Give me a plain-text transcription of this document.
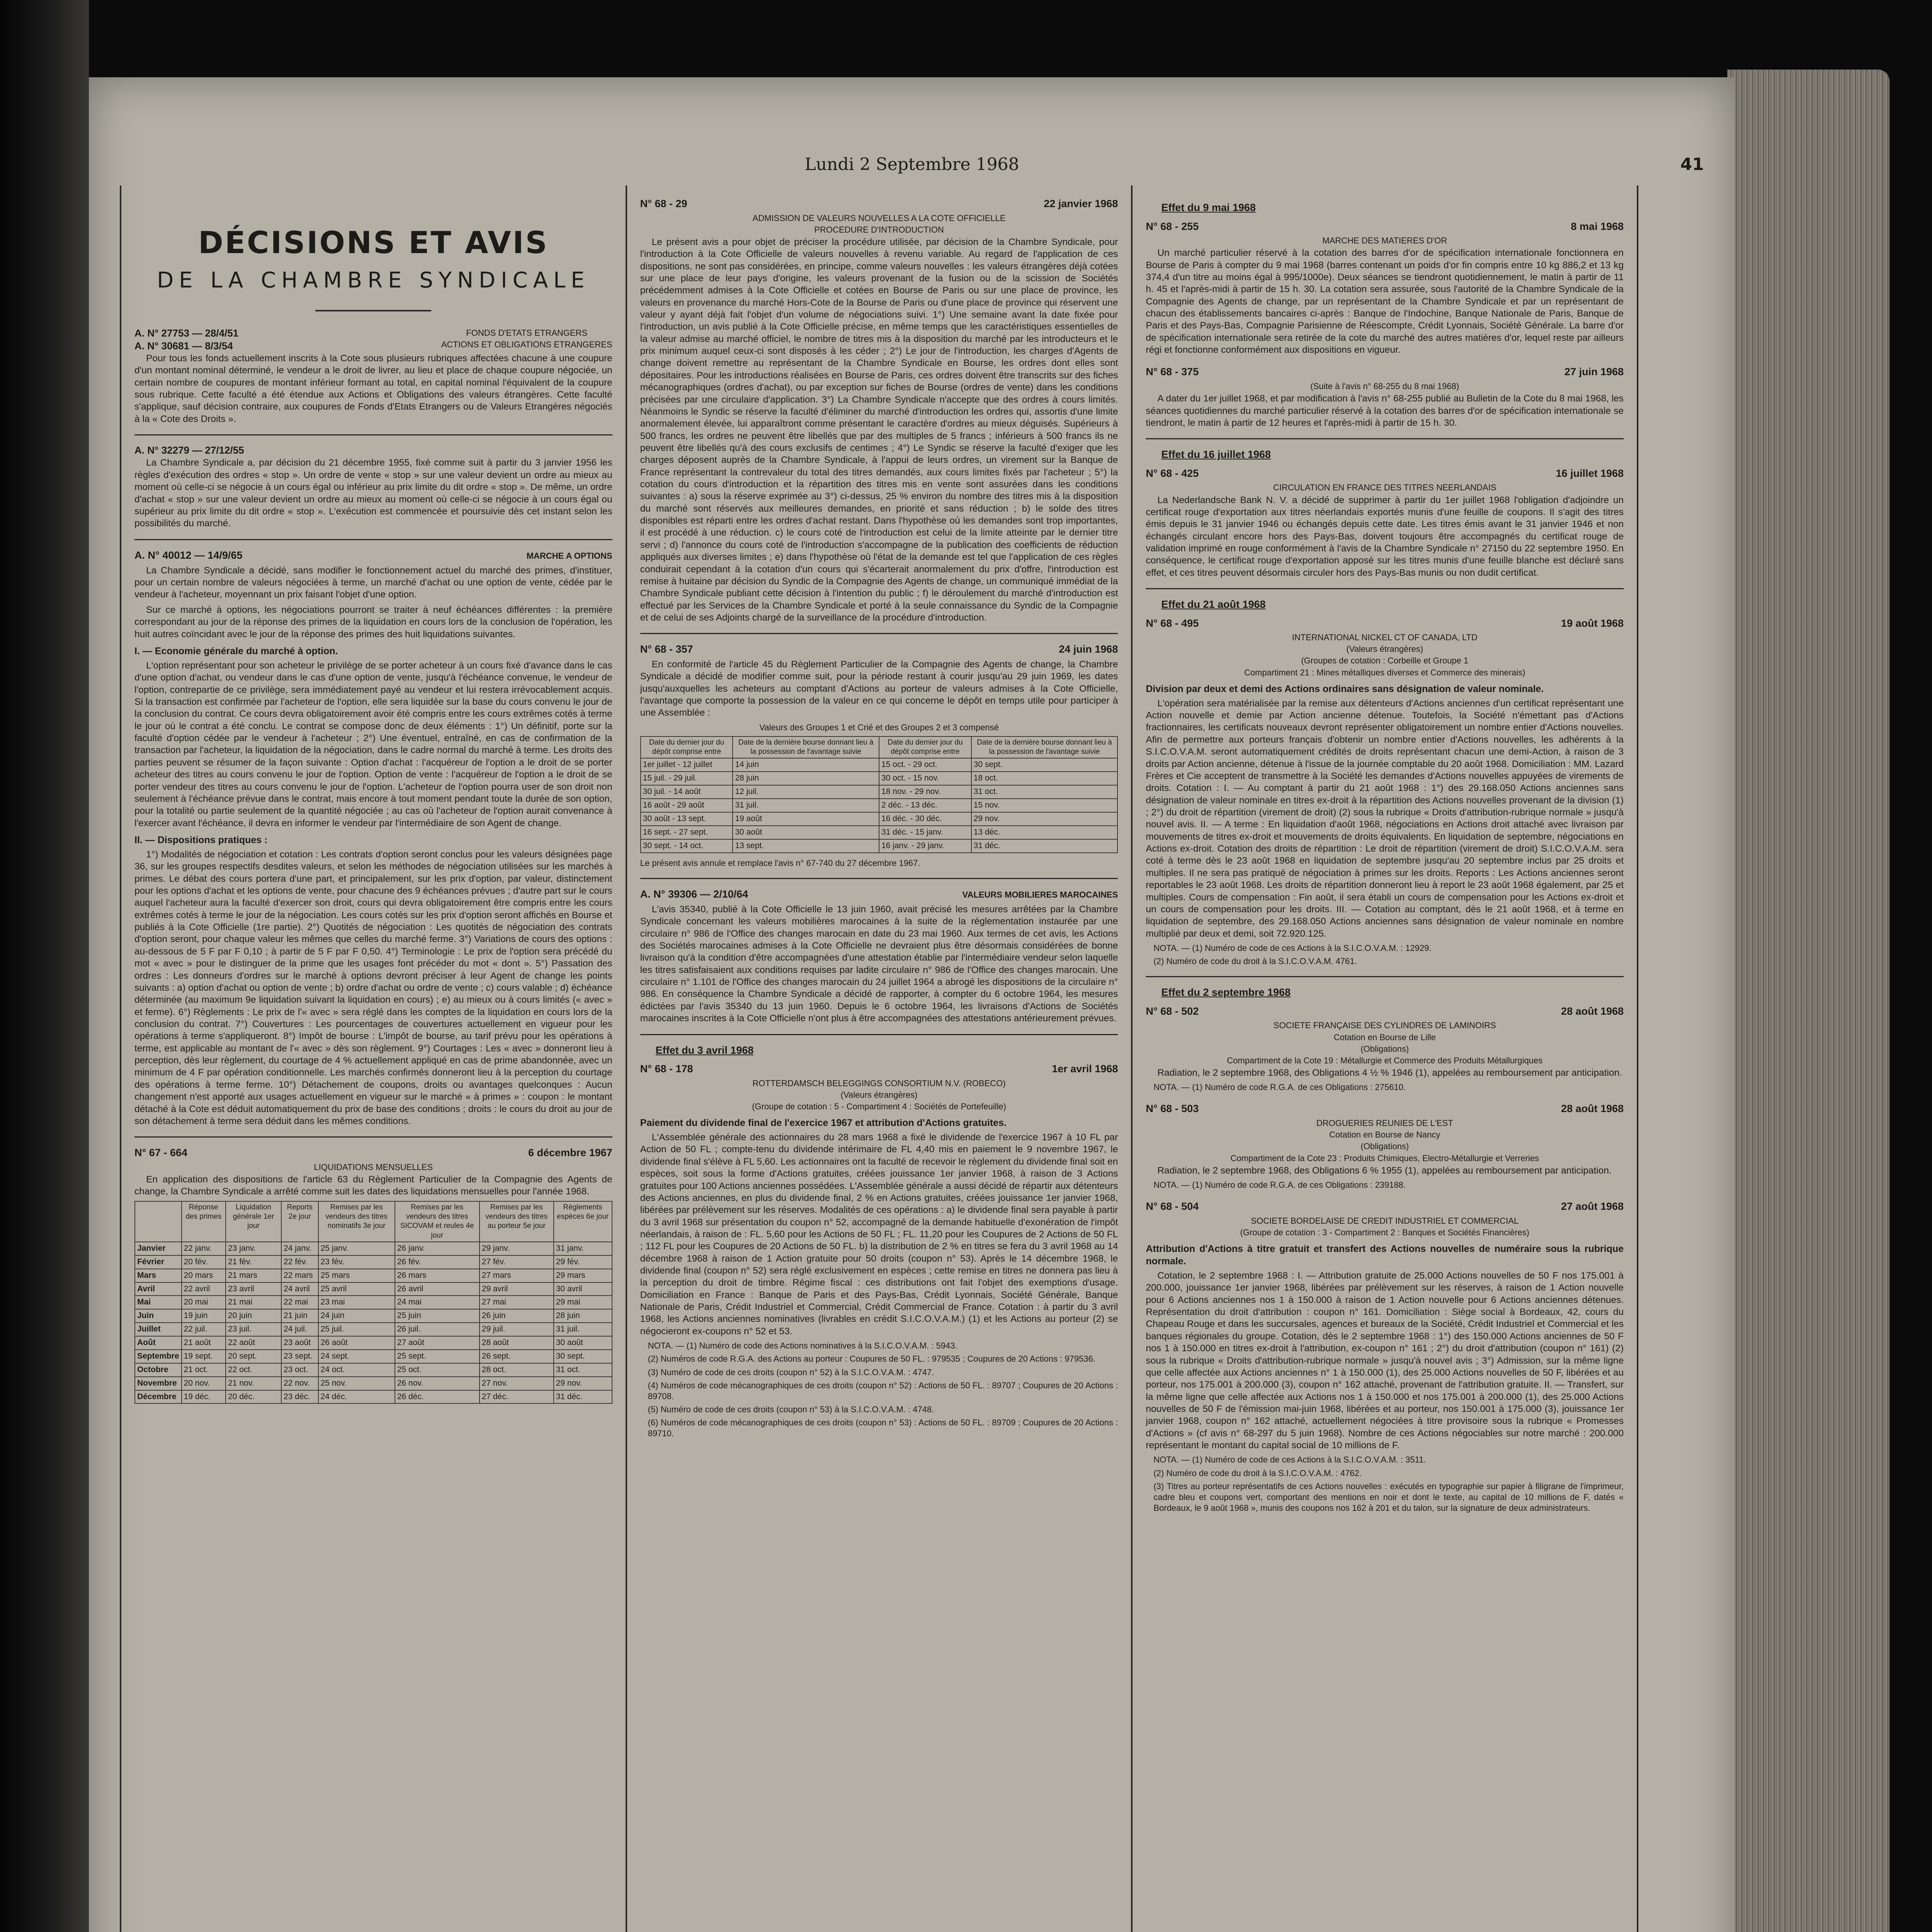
Lundi 2 Septembre 1968	41
DÉCISIONS ET AVIS
DE LA CHAMBRE SYNDICALE
A. N° 27753 — 28/4/51
A. N° 30681 — 8/3/54
FONDS D'ETATS ETRANGERS
ACTIONS ET OBLIGATIONS ETRANGERES

Pour tous les fonds actuellement inscrits à la Cote sous plusieurs rubriques affectées chacune à une coupure d'un montant nominal déterminé, le vendeur a le droit de livrer, au lieu et place de chaque coupure négociée, un certain nombre de coupures de montant inférieur formant au total, en capital nominal l'équivalent de la coupure sous rubrique. Cette faculté a été étendue aux Actions et Obligations des valeurs étrangères. Cette faculté s'applique, sauf décision contraire, aux coupures de Fonds d'Etats Etrangers ou de Valeurs Etrangères négociés à la « Cote des Droits ».

A. N° 32279 — 27/12/55

La Chambre Syndicale a, par décision du 21 décembre 1955, fixé comme suit à partir du 3 janvier 1956 les règles d'exécution des ordres « stop ». Un ordre de vente « stop » sur une valeur devient un ordre au mieux au moment où celle-ci se négocie à un cours égal ou inférieur au prix limite du dit ordre « stop ». De même, un ordre d'achat « stop » sur une valeur devient un ordre au mieux au moment où celle-ci se négocie à un cours égal ou supérieur au prix limite du dit ordre « stop ». L'exécution est commencée et poursuivie dès cet instant selon les possibilités du marché.

A. N° 40012 — 14/9/65	MARCHE A OPTIONS

La Chambre Syndicale a décidé, sans modifier le fonctionnement actuel du marché des primes, d'instituer, pour un certain nombre de valeurs négociées à terme, un marché d'achat ou une option de vente, cédée par le vendeur à l'acheteur, moyennant un prix faisant l'objet d'une option.

Sur ce marché à options, les négociations pourront se traiter à neuf échéances différentes : la première correspondant au jour de la réponse des primes de la liquidation en cours lors de la conclusion de l'opération, les huit autres coïncidant avec le jour de la réponse des primes des huit liquidations suivantes.

I. — Economie générale du marché à option.

L'option représentant pour son acheteur le privilège de se porter acheteur à un cours fixé d'avance dans le cas d'une option d'achat, ou vendeur dans le cas d'une option de vente, jusqu'à l'échéance convenue, le vendeur de l'option, contrepartie de ce privilège, sera immédiatement payé au vendeur et lui restera irrévocablement acquis. Si la transaction est confirmée par l'acheteur de l'option, elle sera liquidée sur la base du cours convenu le jour de la conclusion du contrat. Ce cours devra obligatoirement avoir été compris entre les cours extrêmes cotés à terme le jour où le contrat a été conclu. Le contrat se compose donc de deux éléments : 1°) Un définitif, porte sur la faculté d'option cédée par le vendeur à l'acheteur ; 2°) Une éventuel, entraîné, en cas de confirmation de la transaction par l'acheteur, la liquidation de la négociation, dans le cadre normal du marché à terme. Les droits des parties peuvent se résumer de la façon suivante : Option d'achat : l'acquéreur de l'option a le droit de se porter acheteur des titres au cours convenu le jour de l'option. Option de vente : l'acquéreur de l'option a le droit de se porter vendeur des titres au cours convenu le jour de l'option. L'acheteur de l'option pourra user de son droit non seulement à l'échéance prévue dans le contrat, mais encore à tout moment pendant toute la durée de son option, pour la totalité ou partie seulement de la quantité négociée ; au cas où l'acheteur de l'option aurait convenance à l'exercer avant l'échéance, il devra en informer le vendeur par l'intermédiaire de son Agent de change.

II. — Dispositions pratiques :

1°) Modalités de négociation et cotation : Les contrats d'option seront conclus pour les valeurs désignées page 36, sur les groupes respectifs desdites valeurs, et selon les méthodes de négociation utilisées sur les marchés à primes. Le débat des cours portera d'une part, et principalement, sur les prix d'option, par valeur, distinctement pour les options d'achat et les options de vente, pour chacune des 9 échéances prévues ; d'autre part sur le cours auquel l'acheteur aura la faculté d'exercer son droit, cours qui devra obligatoirement être compris entre les cours extrêmes cotés à terme le jour de la négociation. Les cours cotés sur les prix d'option seront affichés en Bourse et publiés à la Cote Officielle (1re partie). 2°) Quotités de négociation : Les quotités de négociation des contrats d'option seront, pour chaque valeur les mêmes que celles du marché ferme. 3°) Variations de cours des options : au-dessous de 5 F par F 0,10 ; à partir de 5 F par F 0,50. 4°) Terminologie : Le prix de l'option sera précédé du mot « avec » pour le distinguer de la prime que les usages font précéder du mot « dont ». 5°) Passation des ordres : Les donneurs d'ordres sur le marché à options devront préciser à leur Agent de change les points suivants : a) option d'achat ou option de vente ; b) ordre d'achat ou ordre de vente ; c) cours valable ; d) échéance déterminée (au maximum 9e liquidation suivant la liquidation en cours) ; e) au mieux ou à cours limités (« avec » et ferme). 6°) Règlements : Le prix de l'« avec » sera réglé dans les comptes de la liquidation en cours lors de la conclusion du contrat. 7°) Couvertures : Les pourcentages de couvertures actuellement en vigueur pour les opérations à terme s'appliqueront. 8°) Impôt de bourse : L'impôt de bourse, au tarif prévu pour les opérations à terme, est applicable au montant de l'« avec » dès son règlement. 9°) Courtages : Les « avec » donneront lieu à perception, dès leur règlement, du courtage de 4 % actuellement appliqué en cas de prime abandonnée, avec un minimum de 4 F par opération conditionnelle. Les marchés confirmés donneront lieu à la perception du courtage des opérations à terme ferme. 10°) Détachement de coupons, droits ou avantages quelconques : Aucun changement n'est apporté aux usages actuellement en vigueur sur le marché « à primes » : coupon : le montant détaché à la Cote est déduit automatiquement du prix de base des conditions ; droits : le cours du droit au jour de son détachement à terme sera déduit dans les mêmes conditions.

N° 67 - 664	6 décembre 1967
LIQUIDATIONS MENSUELLES

En application des dispositions de l'article 63 du Règlement Particulier de la Compagnie des Agents de change, la Chambre Syndicale a arrêté comme suit les dates des liquidations mensuelles pour l'année 1968.

	Réponse des primes	Liquidation générale 1er jour	Reports 2e jour	Remises par les vendeurs des titres nominatifs 3e jour	Remises par les vendeurs des titres SICOVAM et reules 4e jour	Remises par les vendeurs des titres au porteur 5e jour	Règlements espèces 6e jour
Janvier	22 janv.	23 janv.	24 janv.	25 janv.	26 janv.	29 janv.	31 janv.
Février	20 fév.	21 fév.	22 fév.	23 fév.	26 fév.	27 fév.	29 fév.
Mars	20 mars	21 mars	22 mars	25 mars	26 mars	27 mars	29 mars
Avril	22 avril	23 avril	24 avril	25 avril	26 avril	29 avril	30 avril
Mai	20 mai	21 mai	22 mai	23 mai	24 mai	27 mai	29 mai
Juin	19 juin	20 juin	21 juin	24 juin	25 juin	26 juin	28 juin
Juillet	22 juil.	23 juil.	24 juil.	25 juil.	26 juil.	29 juil.	31 juil.
Août	21 août	22 août	23 août	26 août	27 août	28 août	30 août
Septembre	19 sept.	20 sept.	23 sept.	24 sept.	25 sept.	26 sept.	30 sept.
Octobre	21 oct.	22 oct.	23 oct.	24 oct.	25 oct.	28 oct.	31 oct.
Novembre	20 nov.	21 nov.	22 nov.	25 nov.	26 nov.	27 nov.	29 nov.
Décembre	19 déc.	20 déc.	23 déc.	24 déc.	26 déc.	27 déc.	31 déc.
N° 68 - 29	22 janvier 1968
ADMISSION DE VALEURS NOUVELLES A LA COTE OFFICIELLE
PROCEDURE D'INTRODUCTION

Le présent avis a pour objet de préciser la procédure utilisée, par décision de la Chambre Syndicale, pour l'introduction à la Cote Officielle de valeurs nouvelles à revenu variable. Au regard de l'application de ces dispositions, ne sont pas considérées, en principe, comme valeurs nouvelles : les valeurs étrangères déjà cotées sur une place de leur pays d'origine, les valeurs provenant de la fusion ou de la scission de Sociétés précédemment admises à la Cote Officielle et cotées en Bourse de Paris ou sur une place de province, les valeurs en provenance du marché Hors-Cote de la Bourse de Paris ou d'une place de province qui réservent une valeur y ayant déjà fait l'objet d'un volume de négociations suivi. 1°) Une semaine avant la date fixée pour l'introduction, un avis publié à la Cote Officielle précise, en même temps que les caractéristiques essentielles de la valeur admise au marché officiel, le nombre de titres mis à la disposition du marché par les introducteurs et le prix minimum auquel ceux-ci sont disposés à les céder ; 2°) Le jour de l'introduction, les charges d'Agents de change doivent remettre au représentant de la Chambre Syndicale en Bourse, les ordres dont elles sont dépositaires. Pour les introductions réalisées en Bourse de Paris, ces ordres doivent être transcrits sur des fiches mécanographiques (ordres d'achat), ou par exception sur fiches de Bourse (ordres de vente) dans les conditions précisées par une circulaire d'application. 3°) La Chambre Syndicale n'accepte que des ordres à cours limités. Néanmoins le Syndic se réserve la faculté d'éliminer du marché d'introduction les ordres qui, assortis d'une limite anormalement élevée, lui apparaîtront comme présentant le caractère d'ordres au mieux déguisés. Supérieurs à 500 francs, les ordres ne peuvent être libellés que par des multiples de 5 francs ; inférieurs à 500 francs ils ne peuvent être libellés qu'à des cours exclusifs de centimes ; 4°) Le Syndic se réserve la faculté d'exiger que les charges déposent auprès de la Chambre Syndicale, à l'appui de leurs ordres, un virement sur la Banque de France représentant la contrevaleur du total des titres demandés, aux cours limites fixés par l'acheteur ; 5°) la cotation du cours d'introduction et la répartition des titres mis en vente sont assurées dans les conditions suivantes : a) sous la réserve exprimée au 3°) ci-dessus, 25 % environ du nombre des titres mis à la disposition du marché sont réservés aux meilleures demandes, en priorité et sans réduction ; b) le solde des titres disponibles est réparti entre les ordres d'achat restant. Dans l'hypothèse où les demandes sont trop importantes, il est procédé à une réduction. c) le cours coté de l'introduction est celui de la limite atteinte par le dernier titre servi ; d) l'annonce du cours coté de l'introduction s'accompagne de la publication des coefficients de réduction appliqués aux diverses limites ; e) dans l'hypothèse où l'état de la demande est tel que l'application de ces règles conduirait cependant à la cotation d'un cours qui s'écarterait anormalement du prix d'offre, l'introduction est remise à huitaine par décision du Syndic de la Compagnie des Agents de change, un communiqué immédiat de la Chambre Syndicale publiant cette décision à l'intention du public ; f) le déroulement du marché d'introduction est effectué par les Services de la Chambre Syndicale et porté à la seule connaissance du Syndic de la Compagnie et de celui de ses Adjoints chargé de la surveillance de la procédure d'introduction.

N° 68 - 357	24 juin 1968

En conformité de l'article 45 du Règlement Particulier de la Compagnie des Agents de change, la Chambre Syndicale a décidé de modifier comme suit, pour la période restant à courir jusqu'au 29 juin 1969, les dates jusqu'auxquelles les acheteurs au comptant d'Actions au porteur de valeurs admises à la Cote Officielle, l'avantage que comporte la possession de la valeur en ce qui concerne le dépôt en temps utile pour participer à une Assemblée :

Valeurs des Groupes 1 et Crié et des Groupes 2 et 3 compensé
Date du dernier jour du dépôt comprise entre	Date de la dernière bourse donnant lieu à la possession de l'avantage suivie	Date du dernier jour du dépôt comprise entre	Date de la dernière bourse donnant lieu à la possession de l'avantage suivie
1er juillet - 12 juillet	14 juin	15 oct. - 29 oct.	30 sept.
15 juil. - 29 juil.	28 juin	30 oct. - 15 nov.	18 oct.
30 juil. - 14 août	12 juil.	18 nov. - 29 nov.	31 oct.
16 août - 29 août	31 juil.	2 déc. - 13 déc.	15 nov.
30 août - 13 sept.	19 août	16 déc. - 30 déc.	29 nov.
16 sept. - 27 sept.	30 août	31 déc. - 15 janv.	13 déc.
30 sept. - 14 oct.	13 sept.	16 janv. - 29 janv.	31 déc.
Le présent avis annule et remplace l'avis n° 67-740 du 27 décembre 1967.
A. N° 39306 — 2/10/64	VALEURS MOBILIERES MAROCAINES

L'avis 35340, publié à la Cote Officielle le 13 juin 1960, avait précisé les mesures arrêtées par la Chambre Syndicale concernant les valeurs mobilières marocaines à la suite de la réglementation instaurée par une circulaire n° 986 de l'Office des changes marocain en date du 23 mai 1960. Aux termes de cet avis, les Actions des Sociétés marocaines admises à la Cote Officielle ne devraient plus être désormais considérées de bonne livraison qu'à la condition d'être accompagnées d'une attestation établie par l'intermédiaire vendeur selon laquelle les titres satisfaisaient aux conditions requises par ladite circulaire n° 986 de l'Office des changes marocain. Une circulaire n° 1.101 de l'Office des changes marocain du 24 juillet 1964 a abrogé les dispositions de la circulaire n° 986. En conséquence la Chambre Syndicale a décidé de rapporter, à compter du 6 octobre 1964, les mesures édictées par l'avis 35340 du 13 juin 1960. Depuis le 6 octobre 1964, les livraisons d'Actions de Sociétés marocaines inscrites à la Cote Officielle n'ont plus à être accompagnées des attestations antérieurement prévues.

Effet du 3 avril 1968
N° 68 - 178	1er avril 1968
ROTTERDAMSCH BELEGGINGS CONSORTIUM N.V. (ROBECO)
(Valeurs étrangères)
(Groupe de cotation : 5 - Compartiment 4 : Sociétés de Portefeuille)
Paiement du dividende final de l'exercice 1967 et attribution d'Actions gratuites.

L'Assemblée générale des actionnaires du 28 mars 1968 a fixé le dividende de l'exercice 1967 à 10 FL par Action de 50 FL ; compte-tenu du dividende intérimaire de FL 4,40 mis en paiement le 9 novembre 1967, le dividende final s'élève à FL 5,60. Les actionnaires ont la faculté de recevoir le règlement du dividende final soit en espèces, soit sous la forme d'Actions gratuites, créées jouissance 1er janvier 1968, à raison de 3 Actions gratuites pour 100 Actions anciennes possédées. L'Assemblée générale a aussi décidé de répartir aux détenteurs des Actions anciennes, en plus du dividende final, 2 % en Actions gratuites, créées jouissance 1er janvier 1968, libérées par prélèvement sur les réserves. Modalités de ces opérations : a) le dividende final sera payable à partir du 3 avril 1968 sur présentation du coupon n° 52, accompagné de la demande habituelle d'exonération de l'impôt néerlandais, à raison de : FL. 5,60 pour les Actions de 50 FL ; FL. 11,20 pour les Coupures de 2 Actions de 50 FL ; 112 FL pour les Coupures de 20 Actions de 50 FL. b) la distribution de 2 % en titres se fera du 3 avril 1968 au 14 décembre 1968 à raison de 1 Action gratuite pour 50 droits (coupon n° 53). Après le 14 décembre 1968, le dividende final (coupon n° 52) sera réglé exclusivement en espèces ; cette remise en titres ne donnera pas lieu à la perception du droit de timbre. Régime fiscal : ces distributions ont fait l'objet des exemptions d'usage. Domiciliation en France : Banque de Paris et des Pays-Bas, Crédit Lyonnais, Société Générale, Banque Nationale de Paris, Crédit Industriel et Commercial, Crédit Commercial de France. Cotation : à partir du 3 avril 1968, les Actions anciennes nominatives (livrables en crédit S.I.C.O.V.A.M.) (1) et les Actions au porteur (2) se négocieront ex-coupons n° 52 et 53.

NOTA. — (1) Numéro de code des Actions nominatives à la S.I.C.O.V.A.M. : 5943.
(2) Numéros de code R.G.A. des Actions au porteur : Coupures de 50 FL. : 979535 ; Coupures de 20 Actions : 979536.
(3) Numéro de code de ces droits (coupon n° 52) à la S.I.C.O.V.A.M. : 4747.
(4) Numéros de code mécanographiques de ces droits (coupon n° 52) : Actions de 50 FL. : 89707 ; Coupures de 20 Actions : 89708.
(5) Numéro de code de ces droits (coupon n° 53) à la S.I.C.O.V.A.M. : 4748.
(6) Numéros de code mécanographiques de ces droits (coupon n° 53) : Actions de 50 FL. : 89709 ; Coupures de 20 Actions : 89710.
Effet du 9 mai 1968
N° 68 - 255	8 mai 1968
MARCHE DES MATIERES D'OR

Un marché particulier réservé à la cotation des barres d'or de spécification internationale fonctionnera en Bourse de Paris à compter du 9 mai 1968 (barres contenant un poids d'or fin compris entre 10 kg 886,2 et 13 kg 374,4 d'un titre au moins égal à 995/1000e). Deux séances se tiendront quotidiennement, le matin à partir de 11 h. 45 et l'après-midi à partir de 15 h. 30. La cotation sera assurée, sous l'autorité de la Chambre Syndicale de la Compagnie des Agents de change, par un représentant de la Chambre Syndicale et par un représentant de chacun des établissements bancaires ci-après : Banque de l'Indochine, Banque Nationale de Paris, Banque de Paris et des Pays-Bas, Compagnie Parisienne de Réescompte, Crédit Lyonnais, Société Générale. La barre d'or de spécification internationale sera retirée de la cote du marché des autres matières d'or, lequel reste par ailleurs régi et fonctionne conformément aux dispositions en vigueur.

N° 68 - 375	27 juin 1968
(Suite à l'avis n° 68-255 du 8 mai 1968)

A dater du 1er juillet 1968, et par modification à l'avis n° 68-255 publié au Bulletin de la Cote du 8 mai 1968, les séances quotidiennes du marché particulier réservé à la cotation des barres d'or de spécification internationale se tiendront, le matin à partir de 12 heures et l'après-midi à partir de 15 h. 30.

Effet du 16 juillet 1968
N° 68 - 425	16 juillet 1968
CIRCULATION EN FRANCE DES TITRES NEERLANDAIS

La Nederlandsche Bank N. V. a décidé de supprimer à partir du 1er juillet 1968 l'obligation d'adjoindre un certificat rouge d'exportation aux titres néerlandais exportés munis d'une feuille de coupons. Il s'agit des titres émis depuis le 31 janvier 1946 ou échangés depuis cette date. Les titres émis avant le 31 janvier 1946 et non échangés circulant encore hors des Pays-Bas, doivent toujours être accompagnés du certificat rouge de validation imprimé en rouge conformément à l'avis de la Chambre Syndicale n° 27150 du 22 septembre 1950. En conséquence, le certificat rouge d'exportation apposé sur les titres munis d'une feuille blanche est déclaré sans effet, et ces titres peuvent désormais circuler hors des Pays-Bas munis ou non dudit certificat.

Effet du 21 août 1968
N° 68 - 495	19 août 1968
INTERNATIONAL NICKEL CT OF CANADA, LTD
(Valeurs étrangères)
(Groupes de cotation : Corbeille et Groupe 1
Compartiment 21 : Mines métalliques diverses et Commerce des minerais)
Division par deux et demi des Actions ordinaires sans désignation de valeur nominale.

L'opération sera matérialisée par la remise aux détenteurs d'Actions anciennes d'un certificat représentant une Action nouvelle et demie par Action ancienne détenue. Toutefois, la Société n'émettant pas d'Actions fractionnaires, les certificats nouveaux devront représenter obligatoirement un nombre entier d'Actions nouvelles. Afin de permettre aux porteurs français d'obtenir un nombre entier d'Actions nouvelles, les adhérents à la S.I.C.O.V.A.M. seront automatiquement crédités de droits représentant chacun une demi-Action, à raison de 3 droits par Action ancienne, détenue à l'issue de la journée comptable du 20 août 1968. Domiciliation : MM. Lazard Frères et Cie acceptent de transmettre à la Société les demandes d'Actions nouvelles appuyées de virements de droits. Cotation : I. — Au comptant à partir du 21 août 1968 : 1°) des 29.168.050 Actions anciennes sans désignation de valeur nominale en titres ex-droit à la répartition des Actions nouvelles provenant de la division (1) ; 2°) du droit de répartition (virement de droit) (2) sous la rubrique « Droits d'attribution-rubrique normale » jusqu'à nouvel avis. II. — A terme : En liquidation d'août 1968, négociations en Actions droit attaché avec livraison par mouvements de titres ex-droit et mouvements de droits équivalents. En liquidation de septembre, négociations en Actions ex-droit. Cotation des droits de répartition : Le droit de répartition (virement de droit) S.I.C.O.V.A.M. sera coté à terme dès le 23 août 1968 en liquidation de septembre jusqu'au 20 septembre inclus par 25 droits et multiples. Il ne sera pas pratiqué de négociation à primes sur les droits. Reports : Les Actions anciennes seront reportables le 23 août 1968. Les droits de répartition donneront lieu à report le 23 août 1968 également, par 25 et multiples. Cours de compensation : Fin août, il sera établi un cours de compensation pour les Actions ex-droit et un cours de compensation pour les droits. III. — Cotation au comptant, dès le 21 août 1968, et à terme en liquidation de septembre, des 29.168.050 Actions anciennes sans désignation de valeur nominale en nombre multiplié par deux et demi, soit 72.920.125.

NOTA. — (1) Numéro de code de ces Actions à la S.I.C.O.V.A.M. : 12929.
(2) Numéro de code du droit à la S.I.C.O.V.A.M. 4761.
Effet du 2 septembre 1968
N° 68 - 502	28 août 1968
SOCIETE FRANÇAISE DES CYLINDRES DE LAMINOIRS
Cotation en Bourse de Lille
(Obligations)
Compartiment de la Cote 19 : Métallurgie et Commerce des Produits Métallurgiques

Radiation, le 2 septembre 1968, des Obligations 4 ½ % 1946 (1), appelées au remboursement par anticipation.

NOTA. — (1) Numéro de code R.G.A. de ces Obligations : 275610.
N° 68 - 503	28 août 1968
DROGUERIES REUNIES DE L'EST
Cotation en Bourse de Nancy
(Obligations)
Compartiment de la Cote 23 : Produits Chimiques, Electro-Métallurgie et Verreries

Radiation, le 2 septembre 1968, des Obligations 6 % 1955 (1), appelées au remboursement par anticipation.

NOTA. — (1) Numéro de code R.G.A. de ces Obligations : 239188.
N° 68 - 504	27 août 1968
SOCIETE BORDELAISE DE CREDIT INDUSTRIEL ET COMMERCIAL
(Groupe de cotation : 3 - Compartiment 2 : Banques et Sociétés Financières)
Attribution d'Actions à titre gratuit et transfert des Actions nouvelles de numéraire sous la rubrique normale.

Cotation, le 2 septembre 1968 : I. — Attribution gratuite de 25.000 Actions nouvelles de 50 F nos 175.001 à 200.000, jouissance 1er janvier 1968, libérées par prélèvement sur les réserves, à raison de 1 Action nouvelle pour 6 Actions anciennes nos 1 à 150.000 à raison de 1 Action nouvelle pour 6 Actions anciennes détenues. Représentation du droit d'attribution : coupon n° 161. Domiciliation : Siège social à Bordeaux, 42, cours du Chapeau Rouge et dans les succursales, agences et bureaux de la Société, Crédit Industriel et Commercial et les banques régionales du groupe. Cotation, dès le 2 septembre 1968 : 1°) des 150.000 Actions anciennes de 50 F nos 1 à 150.000 en titres ex-droit à l'attribution, ex-coupon n° 161 ; 2°) du droit d'attribution (coupon n° 161) (2) sous la rubrique « Droits d'attribution-rubrique normale » jusqu'à nouvel avis ; 3°) Admission, sur la même ligne que celle affectée aux Actions anciennes n° 1 à 150.000 (1), des 25.000 Actions nouvelles de 50 F, libérées et au porteur, nos 175.001 à 200.000 (3), coupon n° 162 attaché, provenant de l'attribution gratuite. II. — Transfert, sur la même ligne que celle affectée aux Actions nos 1 à 150.000 et nos 175.001 à 200.000 (1), des 25.000 Actions nouvelles de 50 F de l'émission mai-juin 1968, libérées et au porteur, nos 150.001 à 175.000 (3), jouissance 1er janvier 1968, coupon n° 162 attaché, actuellement négociées à titre provisoire sous la rubrique « Promesses d'Actions » (cf avis n° 68-297 du 5 juin 1968). Nombre de ces Actions négociables sur notre marché : 200.000 représentant le montant du capital social de 10 millions de F.

NOTA. — (1) Numéro de code de ces Actions à la S.I.C.O.V.A.M. : 3511.
(2) Numéro de code du droit à la S.I.C.O.V.A.M. : 4762.
(3) Titres au porteur représentatifs de ces Actions nouvelles : exécutés en typographie sur papier à filigrane de l'imprimeur, cadre bleu et coupons vert, comportant des mentions en noir et dont le texte, au capital de 10 millions de F, datés « Bordeaux, le 9 août 1968 », munis des coupons nos 162 à 201 et du talon, sur la signature de deux administrateurs.
